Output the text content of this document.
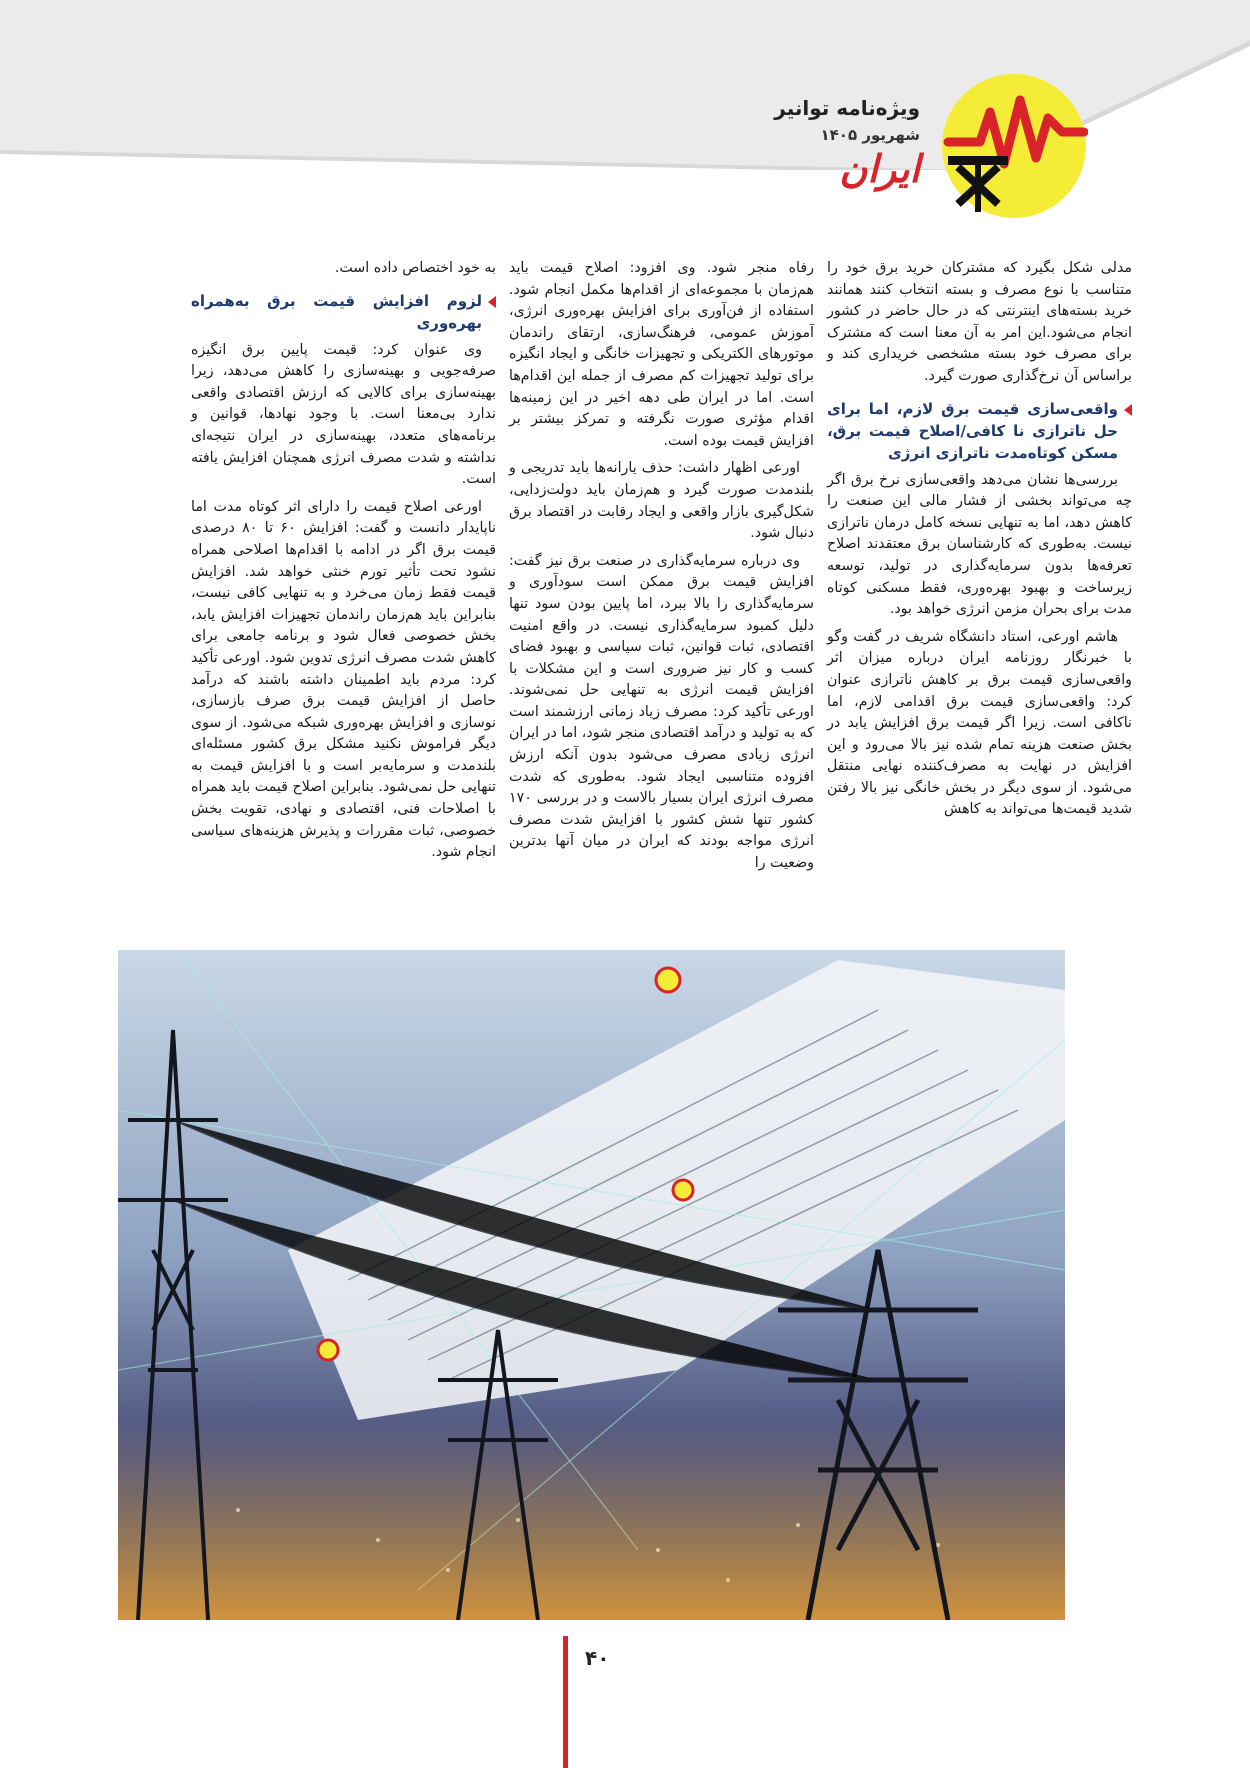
ویژه‌نامه توانیر
شهریور ۱۴۰۵
ایران

مدلی شکل بگیرد که مشترکان خرید برق خود را متناسب با نوع مصرف و بسته انتخاب کنند همانند خرید بسته‌های اینترنتی که در حال حاضر در کشور انجام می‌شود.این امر به آن معنا است که مشترک برای مصرف خود بسته مشخصی خریداری کند و براساس آن نرخ‌گذاری صورت گیرد.

واقعی‌سازی قیمت برق لازم، اما برای حل ناترازی نا کافی/اصلاح قیمت برق، مسکن کوتاه‌مدت ناترازی انرژی

بررسی‌ها نشان می‌دهد واقعی‌سازی نرخ برق اگر چه می‌تواند بخشی از فشار مالی این صنعت را کاهش دهد، اما به تنهایی نسخه کامل درمان ناترازی نیست. به‌طوری که کارشناسان برق معتقدند اصلاح تعرفه‌ها بدون سرمایه‌گذاری در تولید، توسعه زیرساخت و بهبود بهره‌وری، فقط مسکنی کوتاه مدت برای بحران مزمن انرژی خواهد بود.

هاشم اورعی، استاد دانشگاه شریف در گفت وگو با خبرنگار روزنامه ایران درباره میزان اثر واقعی‌سازی قیمت برق بر کاهش ناترازی عنوان کرد: واقعی‌سازی قیمت برق اقدامی لازم، اما ناکافی است. زیرا اگر قیمت برق افزایش یابد در بخش صنعت هزینه تمام شده نیز بالا می‌رود و این افزایش در نهایت به مصرف‌کننده نهایی منتقل می‌شود. از سوی دیگر در بخش خانگی نیز بالا رفتن شدید قیمت‌ها می‌تواند به کاهش

رفاه منجر شود. وی افزود: اصلاح قیمت باید هم‌زمان با مجموعه‌ای از اقدام‌ها مکمل انجام شود. استفاده از فن‌آوری برای افزایش بهره‌وری انرژی، آموزش عمومی، فرهنگ‌سازی، ارتقای راندمان موتورهای الکتریکی و تجهیزات خانگی و ایجاد انگیزه برای تولید تجهیزات کم مصرف از جمله این اقدام‌ها است. اما در ایران طی دهه اخیر در این زمینه‌ها اقدام مؤثری صورت نگرفته و تمرکز بیشتر بر افزایش قیمت بوده است.

اورعی اظهار داشت: حذف یارانه‌ها باید تدریجی و بلندمدت صورت گیرد و هم‌زمان باید دولت‌زدایی، شکل‌گیری بازار واقعی و ایجاد رقابت در اقتصاد برق دنبال شود.

وی درباره سرمایه‌گذاری در صنعت برق نیز گفت: افزایش قیمت برق ممکن است سودآوری و سرمایه‌گذاری را بالا ببرد، اما پایین بودن سود تنها دلیل کمبود سرمایه‌گذاری نیست. در واقع امنیت اقتصادی، ثبات قوانین، ثبات سیاسی و بهبود فضای کسب و کار نیز ضروری است و این مشکلات با افزایش قیمت انرژی به تنهایی حل نمی‌شوند. اورعی تأکید کرد: مصرف زیاد زمانی ارزشمند است که به تولید و درآمد اقتصادی منجر شود، اما در ایران انرژی زیادی مصرف می‌شود بدون آنکه ارزش افزوده متناسبی ایجاد شود. به‌طوری که شدت مصرف انرژی ایران بسیار بالاست و در بررسی ۱۷۰ کشور تنها شش کشور با افزایش شدت مصرف انرژی مواجه بودند که ایران در میان آنها بدترین وضعیت را

به خود اختصاص داده است.

لزوم افزایش قیمت برق به‌همراه بهره‌وری

وی عنوان کرد: قیمت پایین برق انگیزه صرفه‌جویی و بهینه‌سازی را کاهش می‌دهد، زیرا بهینه‌سازی برای کالایی که ارزش اقتصادی واقعی ندارد بی‌معنا است. با وجود نهادها، قوانین و برنامه‌های متعدد، بهینه‌سازی در ایران نتیجه‌ای نداشته و شدت مصرف انرژی همچنان افزایش یافته است.

اورعی اصلاح قیمت را دارای اثر کوتاه مدت اما ناپایدار دانست و گفت: افزایش ۶۰ تا ۸۰ درصدی قیمت برق اگر در ادامه با اقدام‌ها اصلاحی همراه نشود تحت تأثیر تورم خنثی خواهد شد. افزایش قیمت فقط زمان می‌خرد و به تنهایی کافی نیست، بنابراین باید هم‌زمان راندمان تجهیزات افزایش یابد، بخش خصوصی فعال شود و برنامه جامعی برای کاهش شدت مصرف انرژی تدوین شود. اورعی تأکید کرد: مردم باید اطمینان داشته باشند که درآمد حاصل از افزایش قیمت برق صرف بازسازی، نوسازی و افزایش بهره‌وری شبکه می‌شود. از سوی دیگر فراموش نکنید مشکل برق کشور مسئله‌ای بلندمدت و سرمایه‌بر است و با افزایش قیمت به تنهایی حل نمی‌شود. بنابراین اصلاح قیمت باید همراه با اصلاحات فنی، اقتصادی و نهادی، تقویت بخش خصوصی، ثبات مقررات و پذیرش هزینه‌های سیاسی انجام شود.

۴۰
